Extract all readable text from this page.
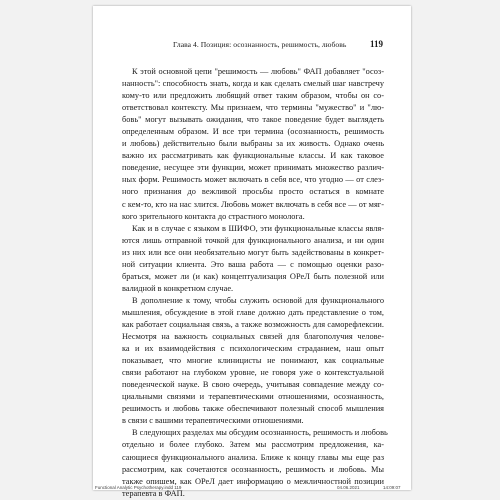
Глава 4. Позиция: осознанность, решимость, любовь	119
К этой основной цепи "решимость — любовь" ФАП добавляет "осоз-
нанность": способность знать, когда и как сделать смелый шаг навстречу
кому-то или предложить любящий ответ таким образом, чтобы он со-
ответствовал контексту. Мы признаем, что термины "мужество" и "лю-
бовь" могут вызывать ожидания, что такое поведение будет выглядеть
определенным образом. И все три термина (осознанность, решимость
и любовь) действительно были выбраны за их живость. Однако очень
важно их рассматривать как функциональные классы. И как таковое
поведение, несущее эти функции, может принимать множество различ-
ных форм. Решимость может включать в себя все, что угодно — от слез-
ного признания до вежливой просьбы просто остаться в комнате
с кем-то, кто на нас злится. Любовь может включать в себя все — от мяг-
кого зрительного контакта до страстного монолога.
Как и в случае с языком в ШИФО, эти функциональные классы явля-
ются лишь отправной точкой для функционального анализа, и ни один
из них или все они необязательно могут быть задействованы в конкрет-
ной ситуации клиента. Это ваша работа — с помощью оценки разо-
браться, может ли (и как) концептуализация ОРеЛ быть полезной или
валидной в конкретном случае.
В дополнение к тому, чтобы служить основой для функционального
мышления, обсуждение в этой главе должно дать представление о том,
как работает социальная связь, а также возможность для саморефлексии.
Несмотря на важность социальных связей для благополучия челове-
ка и их взаимодействия с психологическим страданием, наш опыт
показывает, что многие клиницисты не понимают, как социальные
связи работают на глубоком уровне, не говоря уже о контекстуальной
поведенческой науке. В свою очередь, учитывая совпадение между со-
циальными связями и терапевтическими отношениями, осознанность,
решимость и любовь также обеспечивают полезный способ мышления
в связи с вашими терапевтическими отношениями.
В следующих разделах мы обсудим осознанность, решимость и любовь
отдельно и более глубоко. Затем мы рассмотрим предложения, ка-
сающиеся функционального анализа. Ближе к концу главы мы еще раз
рассмотрим, как сочетаются осознанность, решимость и любовь. Мы
также опишем, как ОРеЛ дает информацию о межличностной позиции
терапевта в ФАП.
Functional Analytic Psychotherapy.indd 119	04.06.2021	14:09:07
